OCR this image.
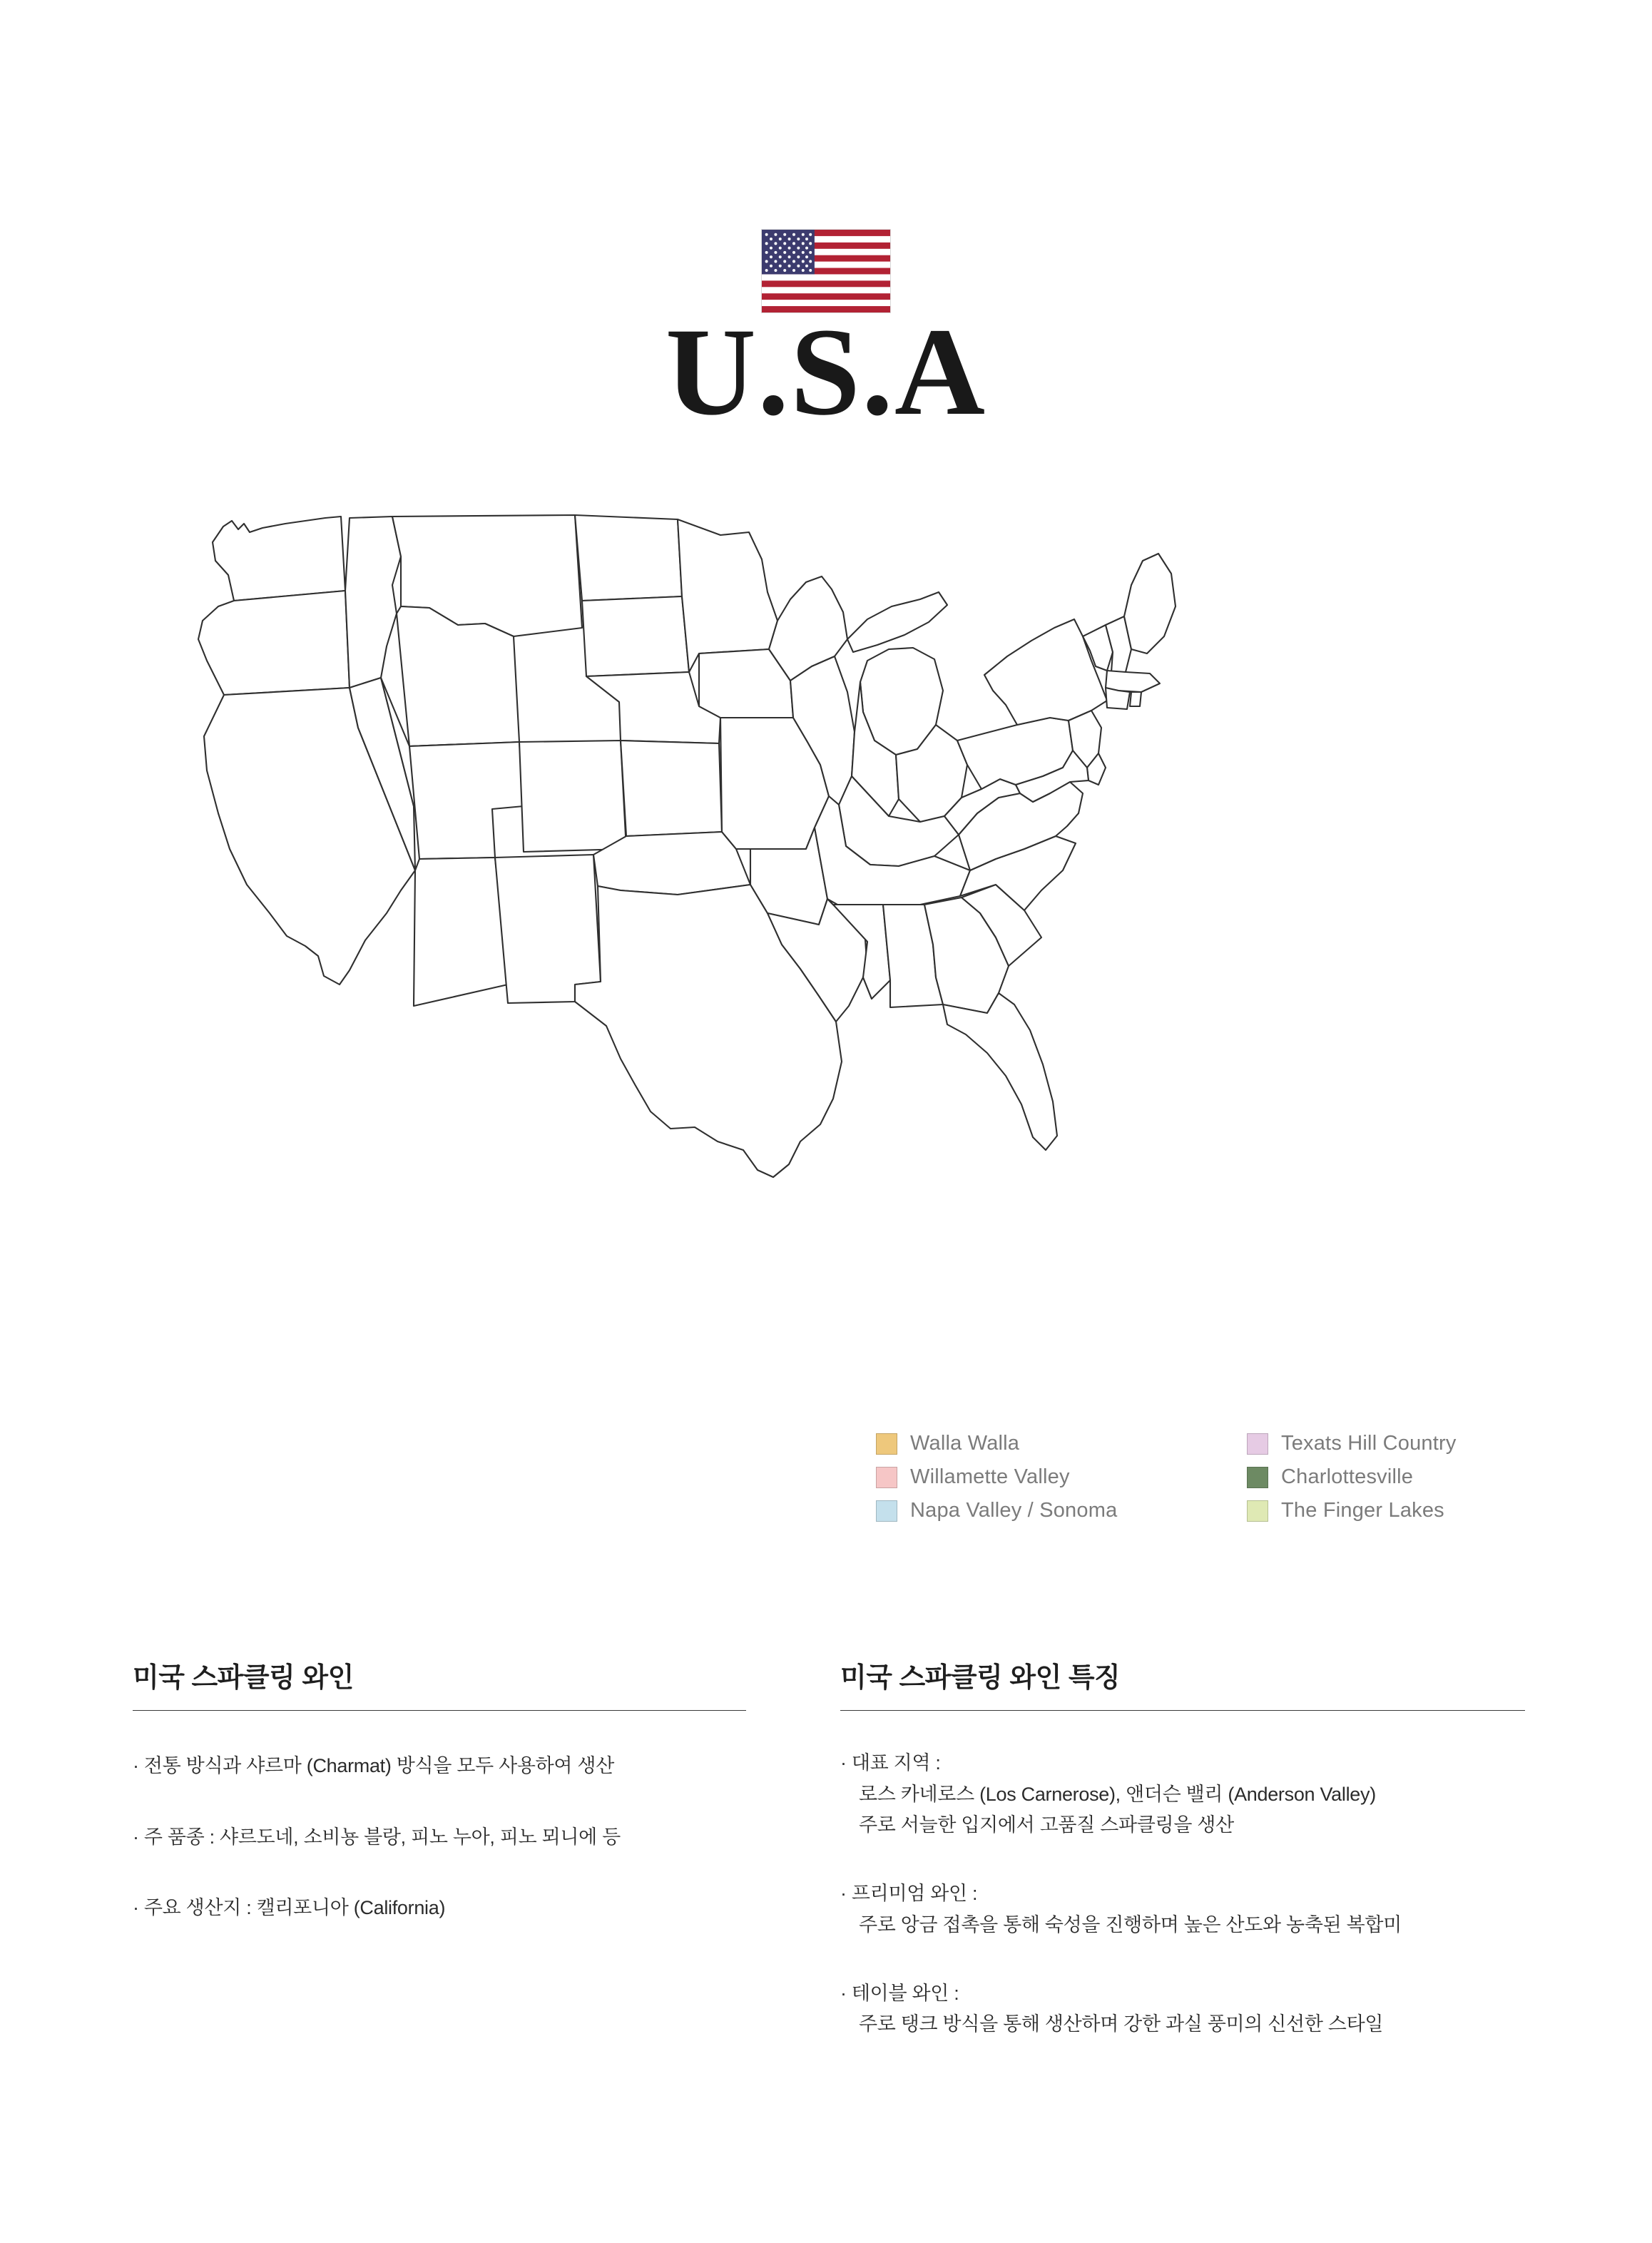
U.S.A
Walla Walla	Texats Hill Country
Willamette Valley	Charlottesville
Napa Valley / Sonoma	The Finger Lakes
미국 스파클링 와인
· 전통 방식과 샤르마 (Charmat) 방식을 모두 사용하여 생산
· 주 품종 : 샤르도네, 소비뇽 블랑, 피노 누아, 피노 뫼니에 등
· 주요 생산지 : 캘리포니아 (California)
미국 스파클링 와인 특징
· 대표 지역 :
로스 카네로스 (Los Carnerose), 앤더슨 밸리 (Anderson Valley)
주로 서늘한 입지에서 고품질 스파클링을 생산
· 프리미엄 와인 :
주로 앙금 접촉을 통해 숙성을 진행하며 높은 산도와 농축된 복합미
· 테이블 와인 :
주로 탱크 방식을 통해 생산하며 강한 과실 풍미의 신선한 스타일
